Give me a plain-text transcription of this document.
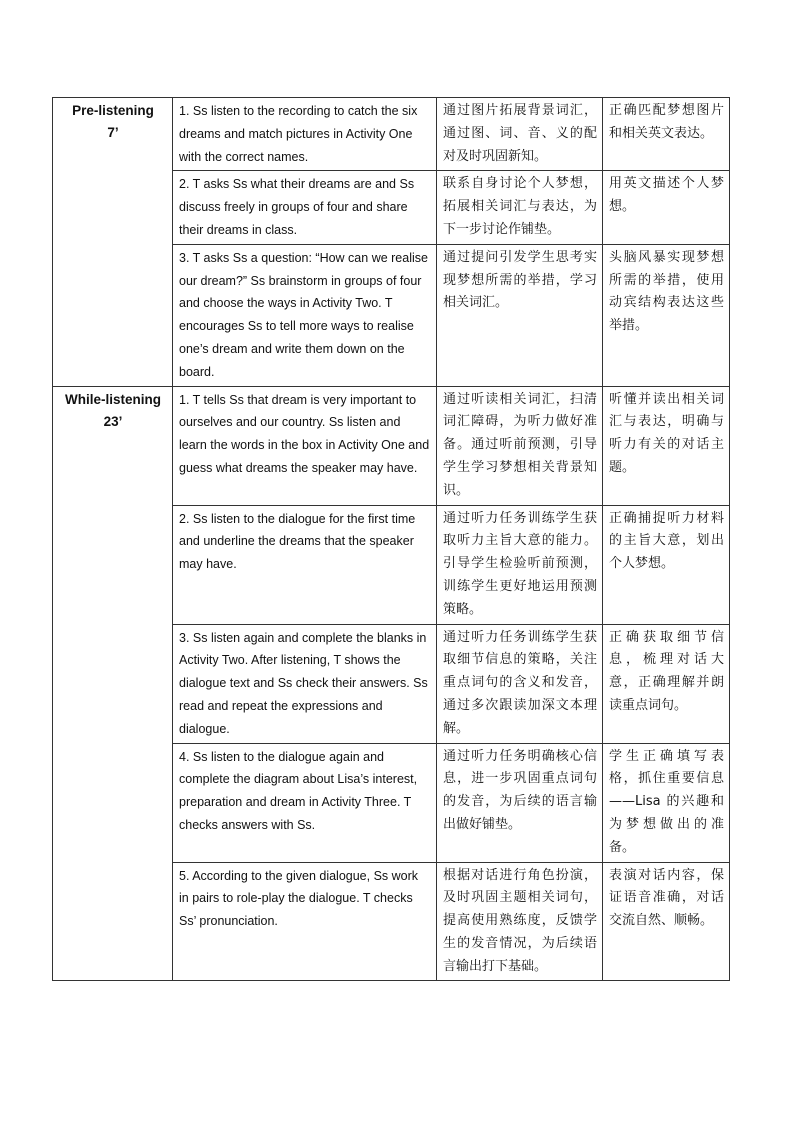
Pre-listening
7’	1. Ss listen to the recording to catch the six dreams and match pictures in Activity One with the correct names.	通过图片拓展背景词汇，通过图、词、音、义的配对及时巩固新知。	正确匹配梦想图片和相关英文表达。
	2. T asks Ss what their dreams are and Ss discuss freely in groups of four and share their dreams in class.	联系自身讨论个人梦想，拓展相关词汇与表达，为下一步讨论作铺垫。	用英文描述个人梦想。
	3. T asks Ss a question: “How can we realise our dream?” Ss brainstorm in groups of four and choose the ways in Activity Two. T encourages Ss to tell more ways to realise one’s dream and write them down on the board.	通过提问引发学生思考实现梦想所需的举措，学习相关词汇。	头脑风暴实现梦想所需的举措，使用动宾结构表达这些举措。

While-listening
23’	1. T tells Ss that dream is very important to ourselves and our country. Ss listen and learn the words in the box in Activity One and guess what dreams the speaker may have.	通过听读相关词汇，扫清词汇障碍，为听力做好准备。通过听前预测，引导学生学习梦想相关背景知识。	听懂并读出相关词汇与表达，明确与听力有关的对话主题。
	2. Ss listen to the dialogue for the first time and underline the dreams that the speaker may have.	通过听力任务训练学生获取听力主旨大意的能力。引导学生检验听前预测，训练学生更好地运用预测策略。	正确捕捉听力材料的主旨大意，划出个人梦想。
	3. Ss listen again and complete the blanks in Activity Two. After listening, T shows the dialogue text and Ss check their answers. Ss read and repeat the expressions and dialogue.	通过听力任务训练学生获取细节信息的策略，关注重点词句的含义和发音，通过多次跟读加深文本理解。	正确获取细节信息，梳理对话大意，正确理解并朗读重点词句。
	4. Ss listen to the dialogue again and complete the diagram about Lisa’s interest, preparation and dream in Activity Three. T checks answers with Ss.	通过听力任务明确核心信息，进一步巩固重点词句的发音，为后续的语言输出做好铺垫。	学生正确填写表格，抓住重要信息——Lisa 的兴趣和为梦想做出的准备。
	5. According to the given dialogue, Ss work in pairs to role-play the dialogue. T checks Ss’ pronunciation.	根据对话进行角色扮演，及时巩固主题相关词句，提高使用熟练度，反馈学生的发音情况，为后续语言输出打下基础。	表演对话内容，保证语音准确，对话交流自然、顺畅。
